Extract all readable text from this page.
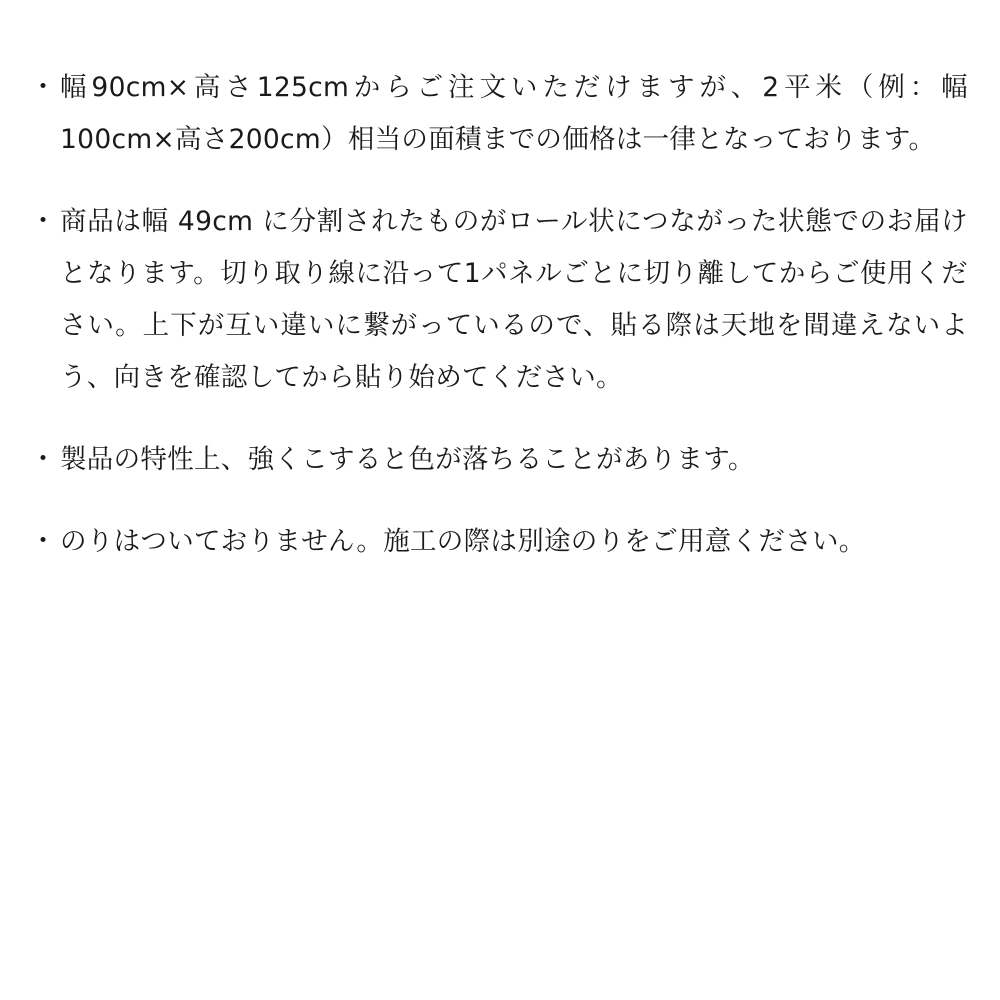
・ 幅90cm×高さ125cmからご注文いただけますが、2平米（例：幅100cm×高さ200cm）相当の面積までの価格は一律となっております。
・ 商品は幅 49cm に分割されたものがロール状につながった状態でのお届けとなります。切り取り線に沿って1パネルごとに切り離してからご使用ください。上下が互い違いに繋がっているので、貼る際は天地を間違えないよう、向きを確認してから貼り始めてください。
・ 製品の特性上、強くこすると色が落ちることがあります。
・ のりはついておりません。施工の際は別途のりをご用意ください。
